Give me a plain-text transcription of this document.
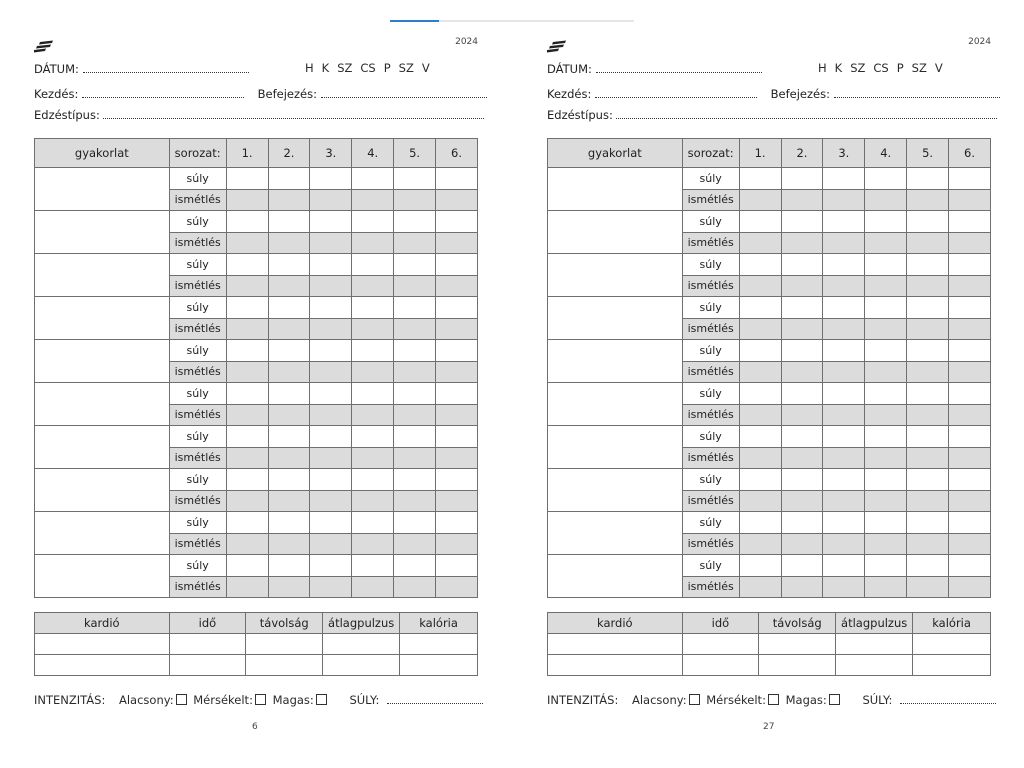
2024
DÁTUM:	H K SZ CS P SZ V
Kezdés:	Befejezés:
Edzéstípus:
gyakorlat	sorozat:	1.	2.	3.	4.	5.	6.
	súly						
	ismétlés						
	súly						
	ismétlés						
	súly						
	ismétlés						
	súly						
	ismétlés						
	súly						
	ismétlés						
	súly						
	ismétlés						
	súly						
	ismétlés						
	súly						
	ismétlés						
	súly						
	ismétlés						
	súly						
	ismétlés						
kardió	idő	távolság	átlagpulzus	kalória

INTENZITÁS: Alacsony: Mérsékelt: Magas:	SÚLY:
6
2024
DÁTUM:	H K SZ CS P SZ V
Kezdés:	Befejezés:
Edzéstípus:
gyakorlat	sorozat:	1.	2.	3.	4.	5.	6.
	súly						
	ismétlés						
	súly						
	ismétlés						
	súly						
	ismétlés						
	súly						
	ismétlés						
	súly						
	ismétlés						
	súly						
	ismétlés						
	súly						
	ismétlés						
	súly						
	ismétlés						
	súly						
	ismétlés						
	súly						
	ismétlés						
kardió	idő	távolság	átlagpulzus	kalória

INTENZITÁS: Alacsony: Mérsékelt: Magas:	SÚLY:
27
